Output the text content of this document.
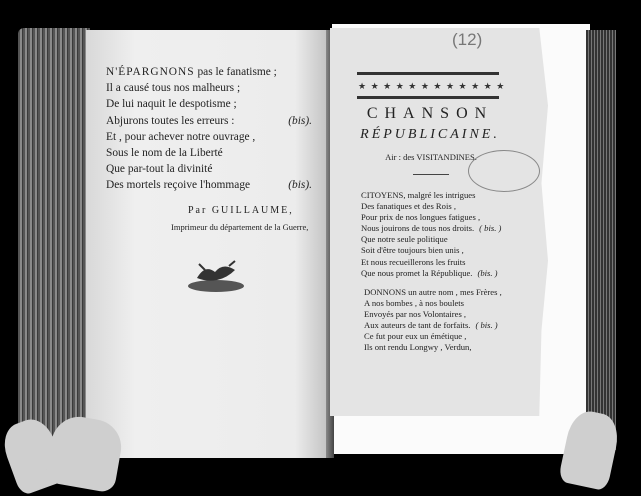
N'ÉPARGNONS pas le fanatisme ;
Il a causé tous nos malheurs ;
De lui naquit le despotisme ;
Abjurons toutes les erreurs :	(bis).
Et , pour achever notre ouvrage ,
Sous le nom de la Liberté
Que par-tout la divinité
Des mortels reçoive l'hommage	(bis).
Par GUILLAUME,
Imprimeur du département de la Guerre,
(12)
★★★★★★★★★★★★
CHANSON
RÉPUBLICAINE.
Air : des VISITANDINES.
CITOYENS, malgré les intrigues
Des fanatiques et des Rois ,
Pour prix de nos longues fatigues ,
Nous jouirons de tous nos droits. ( bis. )
Que notre seule politique
Soit d'être toujours bien unis ,
Et nous recueillerons les fruits
Que nous promet la République. (bis. )
DONNONS un autre nom , mes Frères ,
A nos bombes , à nos boulets
Envoyés par nos Volontaires ,
Aux auteurs de tant de forfaits. ( bis. )
Ce fut pour eux un émétique ,
Ils ont rendu Longwy , Verdun,
